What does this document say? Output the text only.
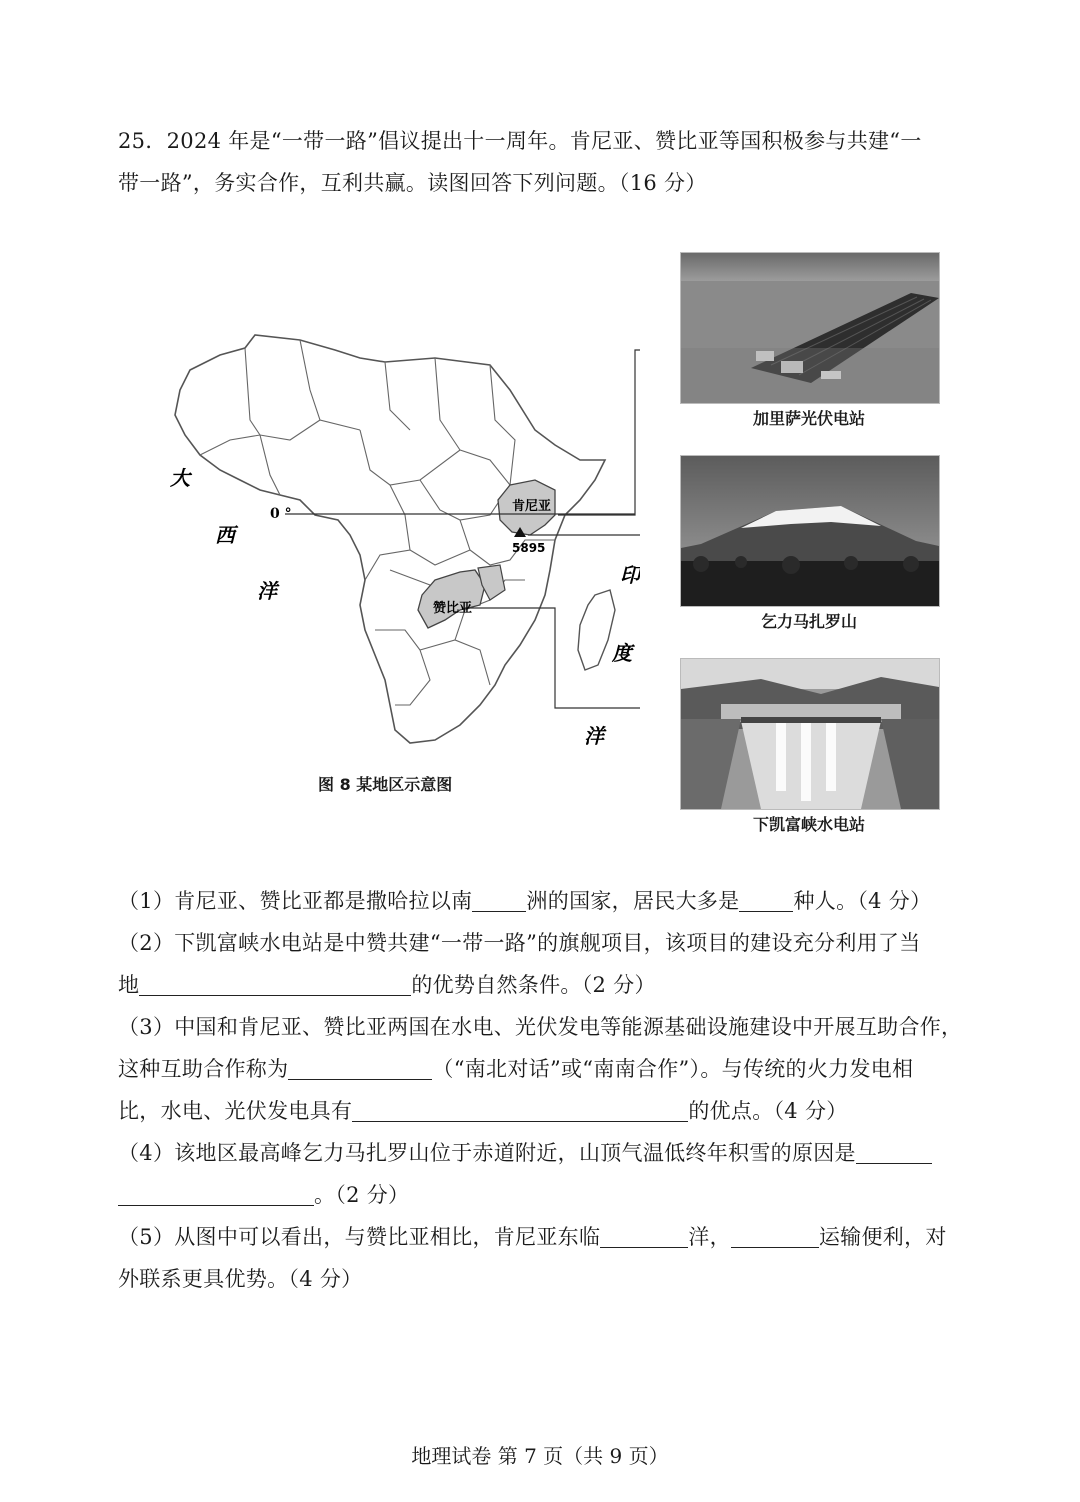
25．2024 年是“一带一路”倡议提出十一周年。肯尼亚、赞比亚等国积极参与共建“一
带一路”，务实合作，互利共赢。读图回答下列问题。（16 分）
肯尼亚
赞比亚
0 °
5895
大
西
洋
印
度
洋
图 8 某地区示意图
加里萨光伏电站
乞力马扎罗山
下凯富峡水电站
（1）肯尼亚、赞比亚都是撒哈拉以南	洲的国家，居民大多是	种人。（4 分）
（2）下凯富峡水电站是中赞共建“一带一路”的旗舰项目，该项目的建设充分利用了当
地	的优势自然条件。（2 分）
（3）中国和肯尼亚、赞比亚两国在水电、光伏发电等能源基础设施建设中开展互助合作，
这种互助合作称为	（“南北对话”或“南南合作”）。与传统的火力发电相
比，水电、光伏发电具有	的优点。（4 分）
（4）该地区最高峰乞力马扎罗山位于赤道附近，山顶气温低终年积雪的原因是
。（2 分）
（5）从图中可以看出，与赞比亚相比，肯尼亚东临	洋，	运输便利，对
外联系更具优势。（4 分）
地理试卷 第 7 页（共 9 页）
